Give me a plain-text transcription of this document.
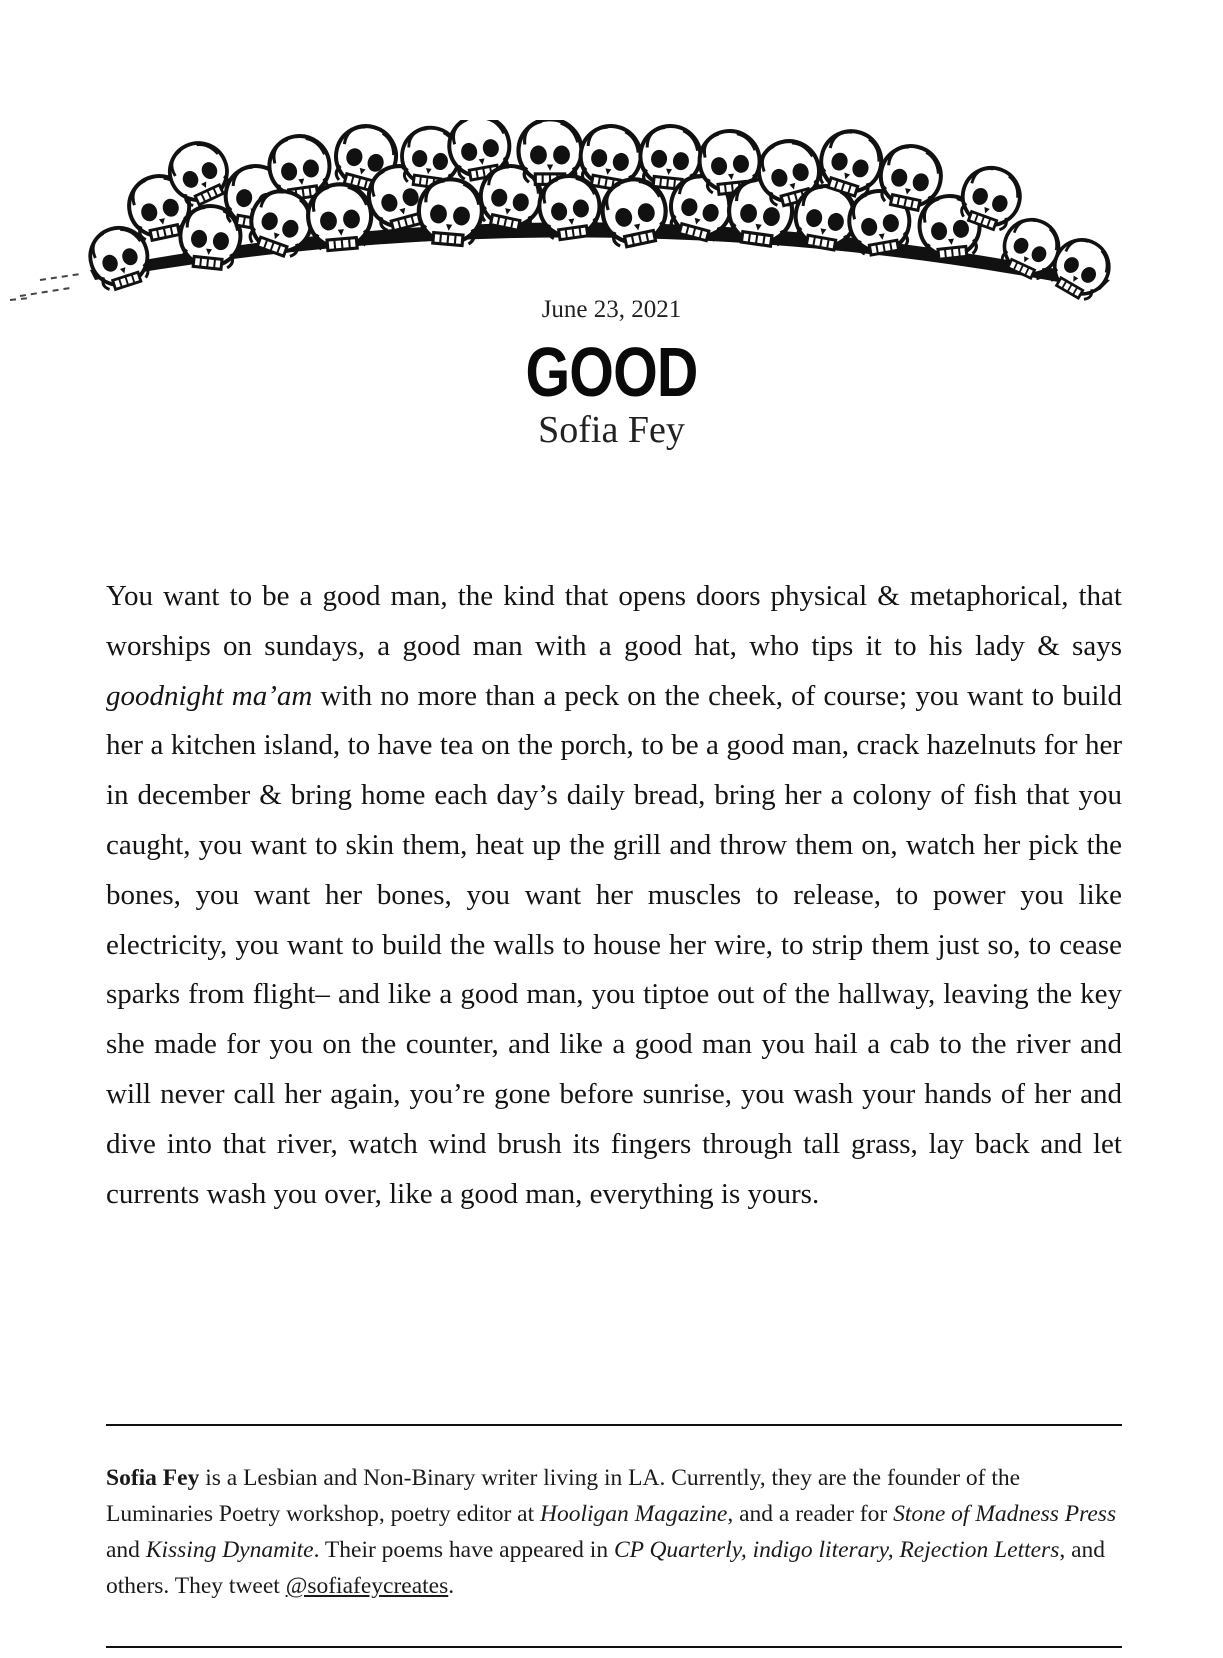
June 23, 2021
GOOD
Sofia Fey

You want to be a good man, the kind that opens doors physical & metaphorical, that worships on sundays, a good man with a good hat, who tips it to his lady & says goodnight ma’am with no more than a peck on the cheek, of course; you want to build her a kitchen island, to have tea on the porch, to be a good man, crack hazelnuts for her in december & bring home each day’s daily bread, bring her a colony of fish that you caught, you want to skin them, heat up the grill and throw them on, watch her pick the bones, you want her bones, you want her muscles to release, to power you like electricity, you want to build the walls to house her wire, to strip them just so, to cease sparks from flight– and like a good man, you tiptoe out of the hallway, leaving the key she made for you on the counter, and like a good man you hail a cab to the river and will never call her again, you’re gone before sunrise, you wash your hands of her and dive into that river, watch wind brush its fingers through tall grass, lay back and let currents wash you over, like a good man, everything is yours.

Sofia Fey is a Lesbian and Non-Binary writer living in LA. Currently, they are the founder of the Luminaries Poetry workshop, poetry editor at Hooligan Magazine, and a reader for Stone of Madness Press and Kissing Dynamite. Their poems have appeared in CP Quarterly, indigo literary, Rejection Letters, and others. They tweet @sofiafeycreates.
